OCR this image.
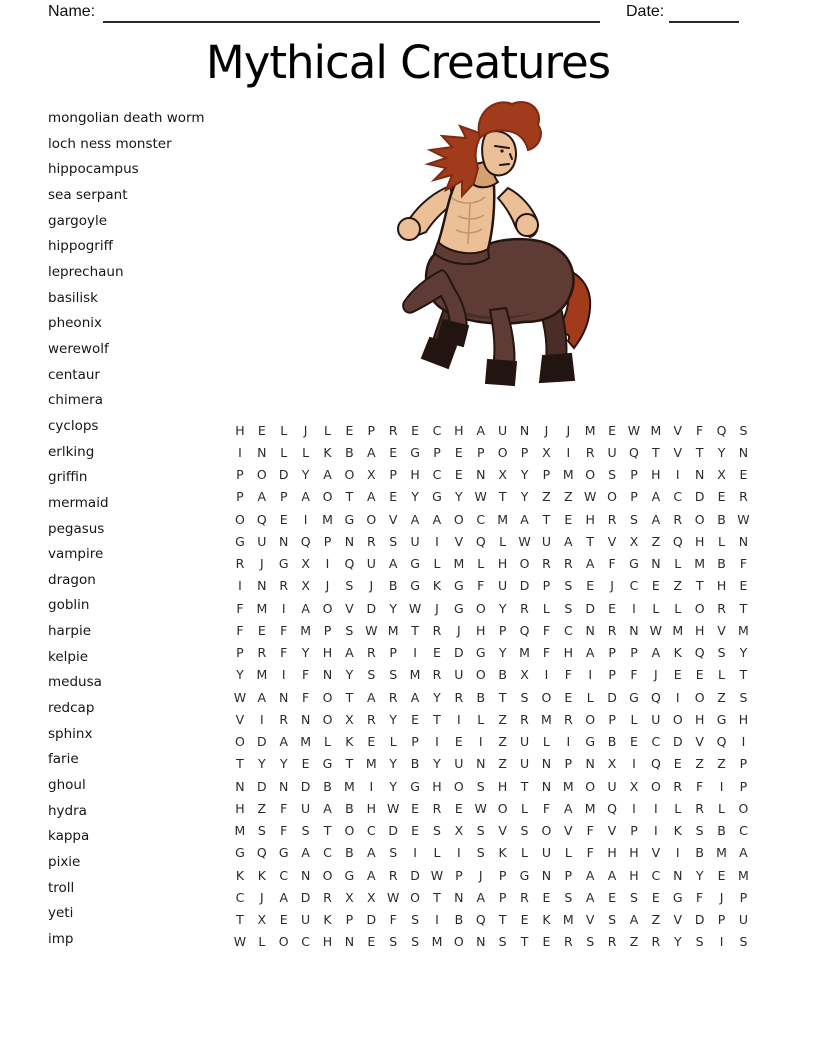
Name:	Date:
Mythical Creatures
mongolian death worm
loch ness monster
hippocampus
sea serpant
gargoyle
hippogriff
leprechaun
basilisk
pheonix
werewolf
centaur
chimera
cyclops
erlking
griffin
mermaid
pegasus
vampire
dragon
goblin
harpie
kelpie
medusa
redcap
sphinx
farie
ghoul
hydra
kappa
pixie
troll
yeti
imp
H	E	L	J	L	E	P	R	E	C	H	A	U	N	J	J	M	E W M V	F	Q	S
I	N	L	L	K	B	A	E	G	P	E	P	O	P	X	I	R	U Q	T	V	T	Y	N
P	O D	Y	A	O	X	P	H	C	E	N	X	Y	P	M O	S	P	H	I	N	X	E
P	A	P	A	O	T	A	E	Y	G	Y W T	Y	Z	Z W O	P	A	C	D	E	R
O Q	E	I	M G O	V	A	A	O	C M A	T	E	H	R	S	A	R	O	B W
G U	N Q	P	N	R	S	U	I	V	Q	L W U	A	T	V	X	Z	Q H	L	N
R	J	G	X	I	Q U	A	G	L	M	L	H O	R	R	A	F	G N	L	M B	F
I	N	R	X	J	S	J	B	G	K	G	F	U	D	P	S	E	J	C	E	Z	T	H	E
F	M	I	A	O	V	D	Y W	J	G O	Y	R	L	S	D	E	I	L	L	O	R	T
F	E	F	M	P	S W M	T	R	J	H	P	Q	F	C	N	R	N W M H	V M
P	R	F	Y	H	A	R	P	I	E	D G	Y	M	F	H	A	P	P	A	K	Q	S	Y
Y	M	I	F	N	Y	S	S	M R	U O	B	X	I	F	I	P	F	J	E	E	L	T
W A	N	F	O	T	A	R	A	Y	R	B	T	S	O	E	L	D G Q	I	O	Z	S
V	I	R	N O	X	R	Y	E	T	I	L	Z	R M R	O	P	L	U O H G H
O D	A M	L	K	E	L	P	I	E	I	Z	U	L	I	G	B	E	C	D	V	Q	I
T	Y	Y	E	G	T	M	Y	B	Y	U	N	Z	U	N	P	N	X	I	Q	E	Z	Z	P
N D N D	B M	I	Y	G H O	S	H	T	N M O U	X	O	R	F	I	P
H	Z	F	U	A	B	H W E	R	E W O	L	F	A M Q	I	I	L	R	L	O
M	S	F	S	T	O	C	D	E	S	X	S	V	S	O	V	F	V	P	I	K	S	B	C
G Q G	A	C	B	A	S	I	L	I	S	K	L	U	L	F	H H	V	I	B M A
K	K	C	N O G	A	R	D W P	J	P	G N	P	A	A	H	C	N	Y	E	M
C	J	A	D	R	X	X W O	T	N	A	P	R	E	S	A	E	S	E	G	F	J	P
T	X	E	U	K	P	D	F	S	I	B	Q	T	E	K M V	S	A	Z	V	D	P	U
W L	O	C	H	N	E	S	S	M O N	S	T	E	R	S	R	Z	R	Y	S	I	S
